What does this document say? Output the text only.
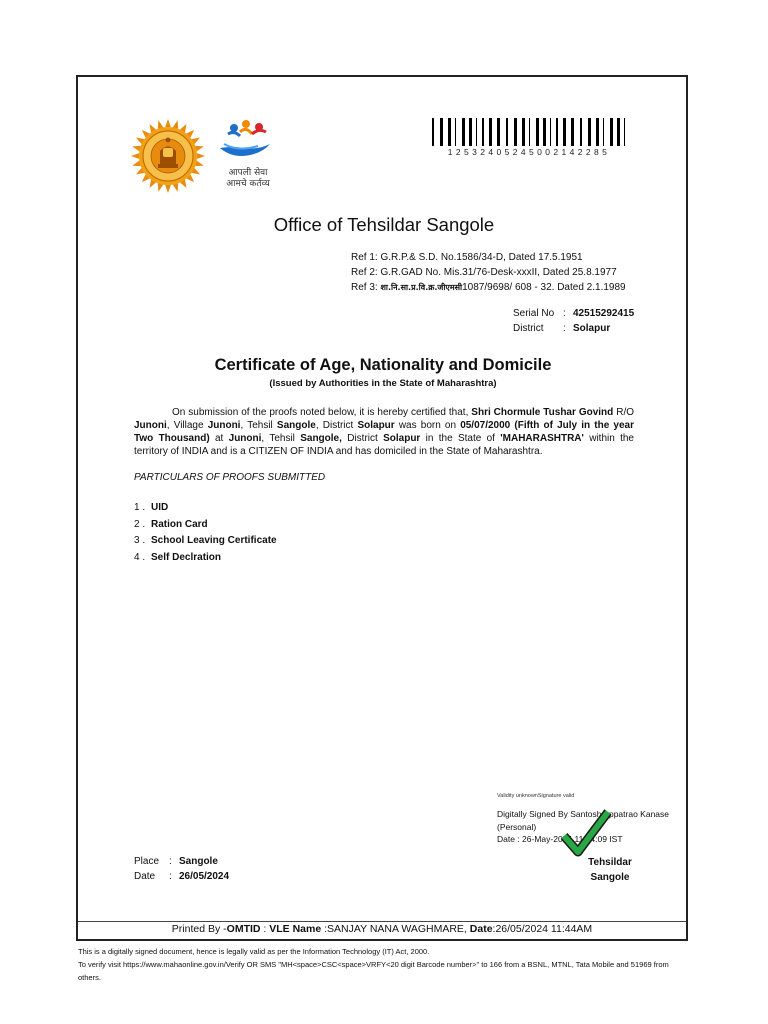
आपली सेवा
आमचे कर्तव्य
12532405245002142285
Office of Tehsildar Sangole
Ref 1: G.R.P.& S.D. No.1586/34-D, Dated 17.5.1951
Ref 2: G.R.GAD No. Mis.31/76-Desk-xxxII, Dated 25.8.1977
Ref 3: शा.नि.सा.प्र.वि.क्र.जीएमसी1087/9698/ 608 - 32. Dated 2.1.1989
Serial No : 42515292415
District : Solapur
Certificate of Age, Nationality and Domicile
(Issued by Authorities in the State of Maharashtra)

On submission of the proofs noted below, it is hereby certified that, Shri Chormule Tushar Govind R/O Junoni, Village Junoni, Tehsil Sangole, District Solapur was born on 05/07/2000 (Fifth of July in the year Two Thousand) at Junoni, Tehsil Sangole, District Solapur in the State of 'MAHARASHTRA' within the territory of INDIA and is a CITIZEN OF INDIA and has domiciled in the State of Maharashtra.

PARTICULARS OF PROOFS SUBMITTED
1 . UID
2 . Ration Card
3 . School Leaving Certificate
4 . Self Declration
Validity unknownSignature valid
Digitally Signed By Santosh Appatrao Kanase
(Personal)
Date : 26-May-2024 11:44:09 IST
Tehsildar
Sangole
Place : Sangole
Date : 26/05/2024
Printed By -OMTID : VLE Name :SANJAY NANA WAGHMARE, Date:26/05/2024 11:44AM

This is a digitally signed document, hence is legally valid as per the Information Technology (IT) Act, 2000.

To verify visit https://www.mahaonline.gov.in/Verify OR SMS "MH<space>CSC<space>VRFY<20 digit Barcode number>" to 166 from a BSNL, MTNL, Tata Mobile and 51969 from others.
